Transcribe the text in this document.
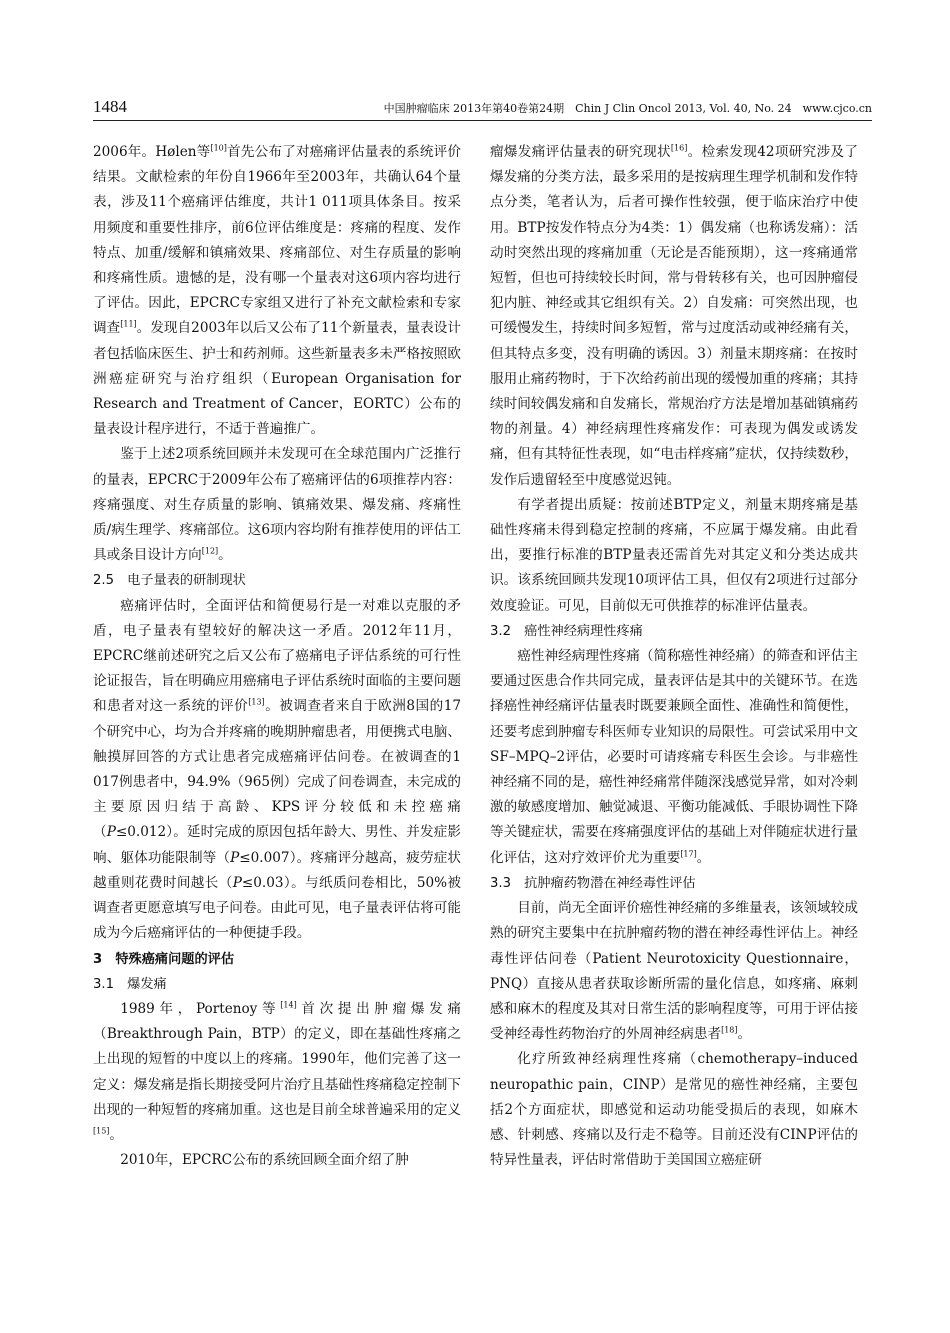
1484	中国肿瘤临床 2013年第40卷第24期　Chin J Clin Oncol 2013, Vol. 40, No. 24　www.cjco.cn

2006年。Hølen等[10]首先公布了对癌痛评估量表的系统评价结果。文献检索的年份自1966年至2003年，共确认64个量表，涉及11个癌痛评估维度，共计1 011项具体条目。按采用频度和重要性排序，前6位评估维度是：疼痛的程度、发作特点、加重/缓解和镇痛效果、疼痛部位、对生存质量的影响和疼痛性质。遗憾的是，没有哪一个量表对这6项内容均进行了评估。因此，EPCRC专家组又进行了补充文献检索和专家调查[11]。发现自2003年以后又公布了11个新量表，量表设计者包括临床医生、护士和药剂师。这些新量表多未严格按照欧洲癌症研究与治疗组织（European Organisation for Research and Treatment of Cancer，EORTC）公布的量表设计程序进行，不适于普遍推广。

鉴于上述2项系统回顾并未发现可在全球范围内广泛推行的量表，EPCRC于2009年公布了癌痛评估的6项推荐内容：疼痛强度、对生存质量的影响、镇痛效果、爆发痛、疼痛性质/病生理学、疼痛部位。这6项内容均附有推荐使用的评估工具或条目设计方向[12]。

2.5　电子量表的研制现状

癌痛评估时，全面评估和简便易行是一对难以克服的矛盾，电子量表有望较好的解决这一矛盾。2012年11月，EPCRC继前述研究之后又公布了癌痛电子评估系统的可行性论证报告，旨在明确应用癌痛电子评估系统时面临的主要问题和患者对这一系统的评价[13]。被调查者来自于欧洲8国的17个研究中心，均为合并疼痛的晚期肿瘤患者，用便携式电脑、触摸屏回答的方式让患者完成癌痛评估问卷。在被调查的1 017例患者中，94.9%（965例）完成了问卷调查，未完成的主要原因归结于高龄、KPS评分较低和未控癌痛（P≤0.012）。延时完成的原因包括年龄大、男性、并发症影响、躯体功能限制等（P≤0.007）。疼痛评分越高，疲劳症状越重则花费时间越长（P≤0.03）。与纸质问卷相比，50%被调查者更愿意填写电子问卷。由此可见，电子量表评估将可能成为今后癌痛评估的一种便捷手段。

3　特殊癌痛问题的评估
3.1　爆发痛

1989年，Portenoy等[14]首次提出肿瘤爆发痛（Breakthrough Pain，BTP）的定义，即在基础性疼痛之上出现的短暂的中度以上的疼痛。1990年，他们完善了这一定义：爆发痛是指长期接受阿片治疗且基础性疼痛稳定控制下出现的一种短暂的疼痛加重。这也是目前全球普遍采用的定义[15]。

2010年，EPCRC公布的系统回顾全面介绍了肿

瘤爆发痛评估量表的研究现状[16]。检索发现42项研究涉及了爆发痛的分类方法，最多采用的是按病理生理学机制和发作特点分类，笔者认为，后者可操作性较强，便于临床治疗中使用。BTP按发作特点分为4类：1）偶发痛（也称诱发痛）：活动时突然出现的疼痛加重（无论是否能预期），这一疼痛通常短暂，但也可持续较长时间，常与骨转移有关，也可因肿瘤侵犯内脏、神经或其它组织有关。2）自发痛：可突然出现，也可缓慢发生，持续时间多短暂，常与过度活动或神经痛有关，但其特点多变，没有明确的诱因。3）剂量末期疼痛：在按时服用止痛药物时，于下次给药前出现的缓慢加重的疼痛；其持续时间较偶发痛和自发痛长，常规治疗方法是增加基础镇痛药物的剂量。4）神经病理性疼痛发作：可表现为偶发或诱发痛，但有其特征性表现，如“电击样疼痛”症状，仅持续数秒，发作后遗留轻至中度感觉迟钝。

有学者提出质疑：按前述BTP定义，剂量末期疼痛是基础性疼痛未得到稳定控制的疼痛，不应属于爆发痛。由此看出，要推行标准的BTP量表还需首先对其定义和分类达成共识。该系统回顾共发现10项评估工具，但仅有2项进行过部分效度验证。可见，目前似无可供推荐的标准评估量表。

3.2　癌性神经病理性疼痛

癌性神经病理性疼痛（简称癌性神经痛）的筛查和评估主要通过医患合作共同完成，量表评估是其中的关键环节。在选择癌性神经痛评估量表时既要兼顾全面性、准确性和简便性，还要考虑到肿瘤专科医师专业知识的局限性。可尝试采用中文SF–MPQ–2评估，必要时可请疼痛专科医生会诊。与非癌性神经痛不同的是，癌性神经痛常伴随深浅感觉异常，如对冷刺激的敏感度增加、触觉减退、平衡功能减低、手眼协调性下降等关键症状，需要在疼痛强度评估的基础上对伴随症状进行量化评估，这对疗效评价尤为重要[17]。

3.3　抗肿瘤药物潜在神经毒性评估

目前，尚无全面评价癌性神经痛的多维量表，该领域较成熟的研究主要集中在抗肿瘤药物的潜在神经毒性评估上。神经毒性评估问卷（Patient Neurotoxicity Questionnaire，PNQ）直接从患者获取诊断所需的量化信息，如疼痛、麻刺感和麻木的程度及其对日常生活的影响程度等，可用于评估接受神经毒性药物治疗的外周神经病患者[18]。

化疗所致神经病理性疼痛（chemotherapy–induced neuropathic pain，CINP）是常见的癌性神经痛，主要包括2个方面症状，即感觉和运动功能受损后的表现，如麻木感、针刺感、疼痛以及行走不稳等。目前还没有CINP评估的特异性量表，评估时常借助于美国国立癌症研
